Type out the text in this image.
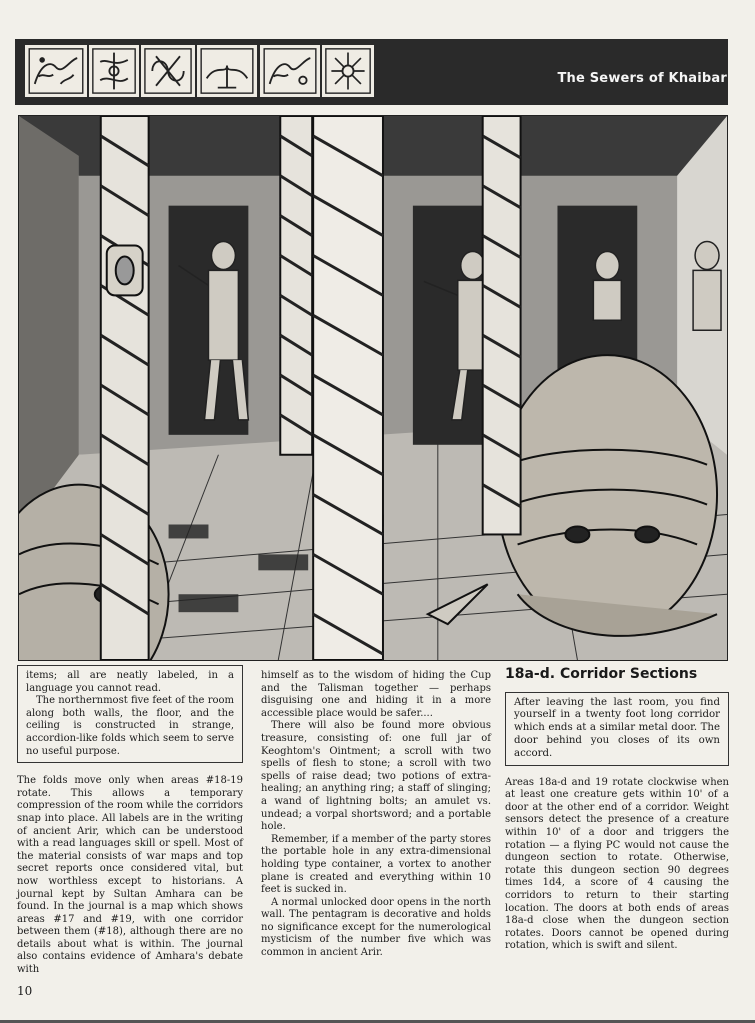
The Sewers of Khaibar

items; all are neatly labeled, in a language you cannot read.

The northernmost five feet of the room along both walls, the floor, and the ceiling is constructed in strange, accordion-like folds which seem to serve no useful purpose.

The folds move only when areas #18-19 rotate. This allows a temporary compression of the room while the corridors snap into place. All labels are in the writing of ancient Arir, which can be understood with a read languages skill or spell. Most of the material consists of war maps and top secret reports once considered vital, but now worthless except to historians. A journal kept by Sultan Amhara can be found. In the journal is a map which shows areas #17 and #19, with one corridor between them (#18), although there are no details about what is within. The journal also contains evidence of Amhara's debate with

himself as to the wisdom of hiding the Cup and the Talisman together — perhaps disguising one and hiding it in a more accessible place would be safer....

There will also be found more obvious treasure, consisting of: one full jar of Keoghtom's Ointment; a scroll with two spells of flesh to stone; a scroll with two spells of raise dead; two potions of extra-healing; an anything ring; a staff of slinging; a wand of lightning bolts; an amulet vs. undead; a vorpal shortsword; and a portable hole.

Remember, if a member of the party stores the portable hole in any extra-dimensional holding type container, a vortex to another plane is created and everything within 10 feet is sucked in.

A normal unlocked door opens in the north wall. The pentagram is decorative and holds no significance except for the numerological mysticism of the number five which was common in ancient Arir.

18a-d. Corridor Sections

After leaving the last room, you find yourself in a twenty foot long corridor which ends at a similar metal door. The door behind you closes of its own accord.

Areas 18a-d and 19 rotate clockwise when at least one creature gets within 10' of a door at the other end of a corridor. Weight sensors detect the presence of a creature within 10' of a door and triggers the rotation — a flying PC would not cause the dungeon section to rotate. Otherwise, rotate this dungeon section 90 degrees times 1d4, a score of 4 causing the corridors to return to their starting location. The doors at both ends of areas 18a-d close when the dungeon section rotates. Doors cannot be opened during rotation, which is swift and silent.

10
